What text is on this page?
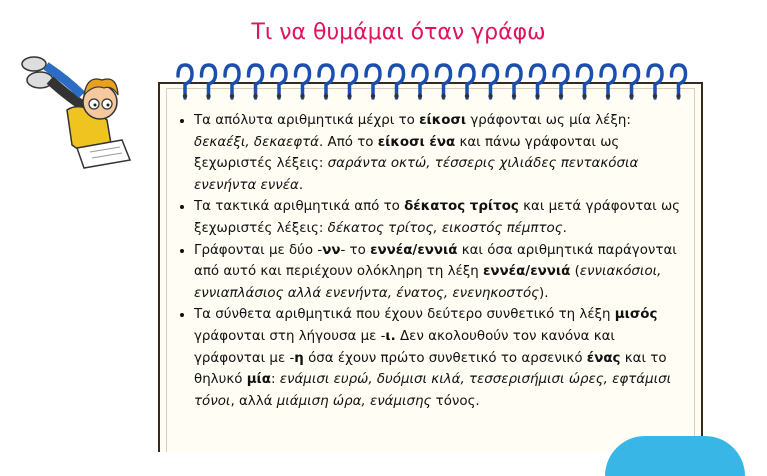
Τι να θυμάμαι όταν γράφω
• Τα απόλυτα αριθμητικά μέχρι το είκοσι γράφονται ως μία λέξη: δεκαέξι, δεκαεφτά. Από το είκοσι ένα και πάνω γράφονται ως ξεχωριστές λέξεις: σαράντα οκτώ, τέσσερις χιλιάδες πεντακόσια ενενήντα εννέα.
• Τα τακτικά αριθμητικά από το δέκατος τρίτος και μετά γράφονται ως ξεχωριστές λέξεις: δέκατος τρίτος, εικοστός πέμπτος.
• Γράφονται με δύο -νν- το εννέα/εννιά και όσα αριθμητικά παράγονται από αυτό και περιέχουν ολόκληρη τη λέξη εννέα/εννιά (εννιακόσιοι, εννιαπλάσιος αλλά ενενήντα, ένατος, ενενηκοστός).
• Τα σύνθετα αριθμητικά που έχουν δεύτερο συνθετικό τη λέξη μισός γράφονται στη λήγουσα με -ι. Δεν ακολουθούν τον κανόνα και γράφονται με -η όσα έχουν πρώτο συνθετικό το αρσενικό ένας και το θηλυκό μία: ενάμισι ευρώ, δυόμισι κιλά, τεσσερισήμισι ώρες, εφτάμισι τόνοι, αλλά μιάμιση ώρα, ενάμισης τόνος.
